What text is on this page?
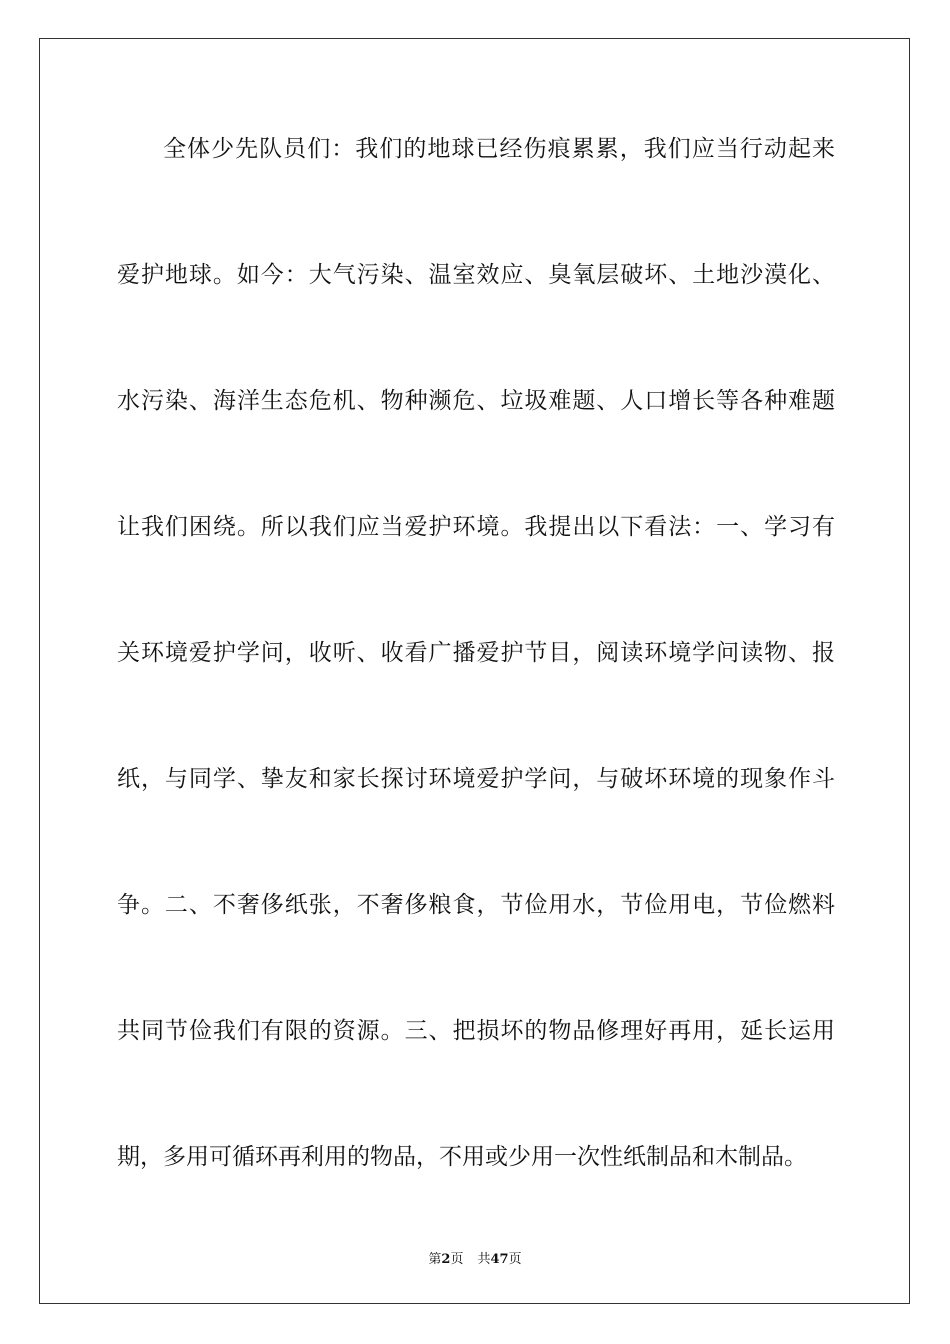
全体少先队员们：我们的地球已经伤痕累累，我们应当行动起来
爱护地球。如今：大气污染、温室效应、臭氧层破坏、土地沙漠化、
水污染、海洋生态危机、物种濒危、垃圾难题、人口增长等各种难题
让我们困绕。所以我们应当爱护环境。我提出以下看法：一、学习有
关环境爱护学问，收听、收看广播爱护节目，阅读环境学问读物、报
纸，与同学、挚友和家长探讨环境爱护学问，与破坏环境的现象作斗
争。二、不奢侈纸张，不奢侈粮食，节俭用水，节俭用电，节俭燃料
共同节俭我们有限的资源。三、把损坏的物品修理好再用，延长运用
期，多用可循环再利用的物品，不用或少用一次性纸制品和木制品。
第2页 共47页
